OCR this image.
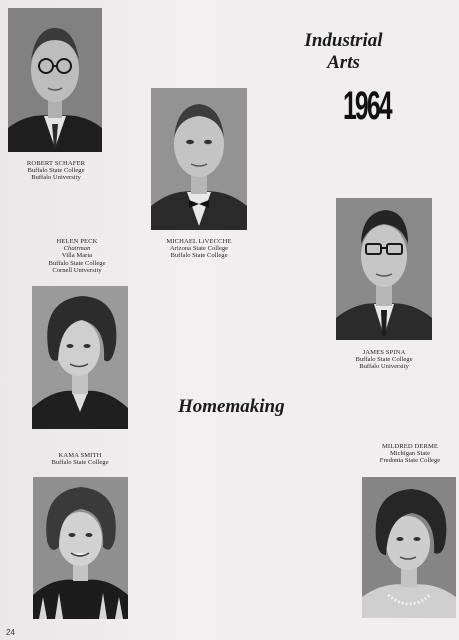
Industrial
Arts
1964
Homemaking
ROBERT SCHAFER
Buffalo State College
Buffalo University
MICHAEL LiVECCHE
Arizona State College
Buffalo State College
HELEN PECK
Chairman
Villa Maria
Buffalo State College
Cornell University
JAMES SPINA
Buffalo State College
Buffalo University
KAMA SMITH
Buffalo State College
MILDRED DERME
Michigan State
Fredonia State College
24
